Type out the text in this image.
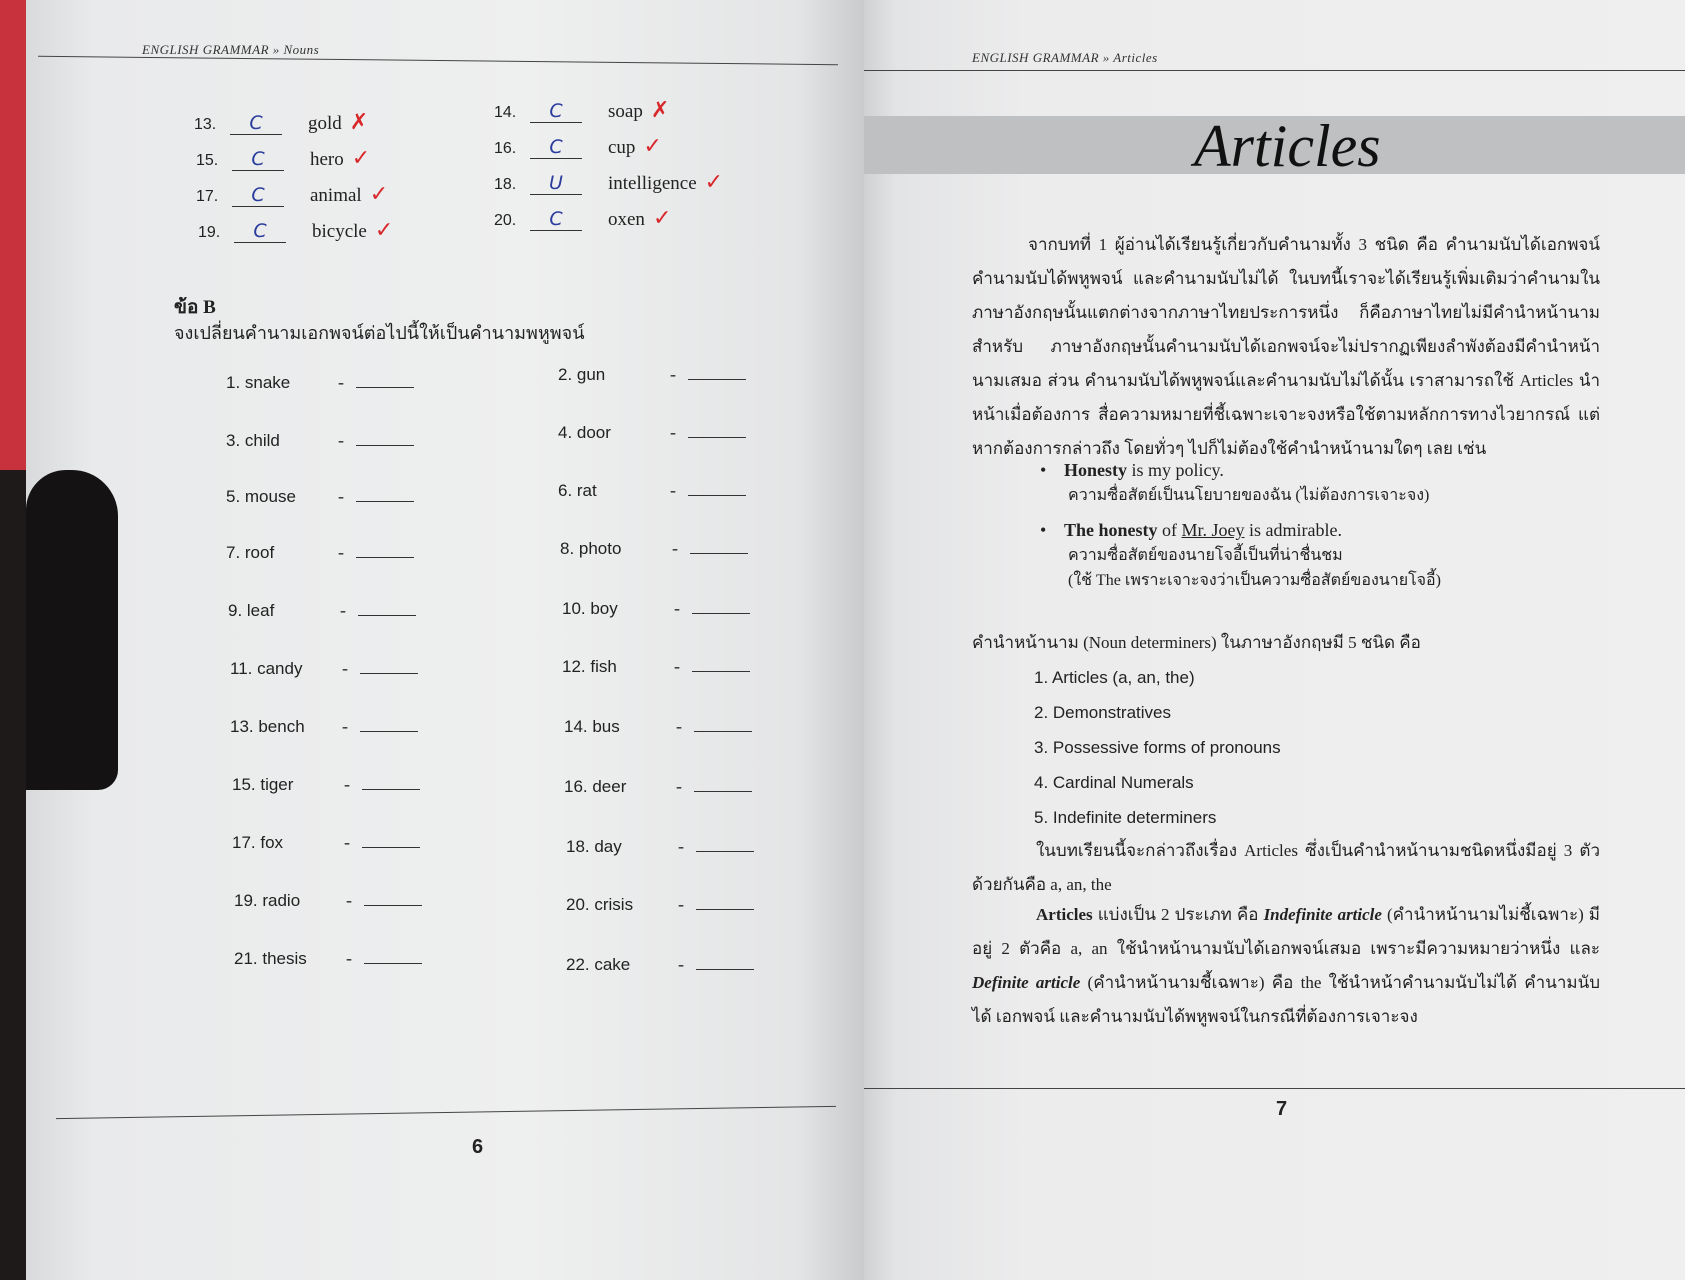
ENGLISH GRAMMAR » Nouns
13.	C	gold ✗	14.	C	soap ✗
15.	C	hero ✓	16.	C	cup ✓
17.	C	animal ✓	18.	U	intelligence ✓
19.	C	bicycle ✓	20.	C	oxen ✓
ข้อ B
จงเปลี่ยนคำนามเอกพจน์ต่อไปนี้ให้เป็นคำนามพหูพจน์
1. snake	-	2. gun	-
3. child	-	4. door	-
5. mouse	-	6. rat	-
7. roof	-	8. photo	-
9. leaf	-	10. boy	-
11. candy	-	12. fish	-
13. bench	-	14. bus	-
15. tiger	-	16. deer	-
17. fox	-	18. day	-
19. radio	-	20. crisis	-
21. thesis	-	22. cake	-
6
ENGLISH GRAMMAR » Articles
Articles
จากบทที่ 1 ผู้อ่านได้เรียนรู้เกี่ยวกับคำนามทั้ง 3 ชนิด คือ คำนามนับได้เอกพจน์ คำนามนับได้พหูพจน์ และคำนามนับไม่ได้ ในบทนี้เราจะได้เรียนรู้เพิ่มเติมว่าคำนามใน ภาษาอังกฤษนั้นแตกต่างจากภาษาไทยประการหนึ่ง ก็คือภาษาไทยไม่มีคำนำหน้านาม สำหรับ ภาษาอังกฤษนั้นคำนามนับได้เอกพจน์จะไม่ปรากฏเพียงลำพังต้องมีคำนำหน้านามเสมอ ส่วน คำนามนับได้พหูพจน์และคำนามนับไม่ได้นั้น เราสามารถใช้ Articles นำหน้าเมื่อต้องการ สื่อความหมายที่ชี้เฉพาะเจาะจงหรือใช้ตามหลักการทางไวยากรณ์ แต่หากต้องการกล่าวถึง โดยทั่วๆ ไปก็ไม่ต้องใช้คำนำหน้านามใดๆ เลย เช่น
• Honesty is my policy.
ความซื่อสัตย์เป็นนโยบายของฉัน (ไม่ต้องการเจาะจง)
• The honesty of Mr. Joey is admirable.
ความซื่อสัตย์ของนายโจอี้เป็นที่น่าชื่นชม
(ใช้ The เพราะเจาะจงว่าเป็นความซื่อสัตย์ของนายโจอี้)
คำนำหน้านาม (Noun determiners) ในภาษาอังกฤษมี 5 ชนิด คือ
1. Articles (a, an, the)
2. Demonstratives
3. Possessive forms of pronouns
4. Cardinal Numerals
5. Indefinite determiners
ในบทเรียนนี้จะกล่าวถึงเรื่อง Articles ซึ่งเป็นคำนำหน้านามชนิดหนึ่งมีอยู่ 3 ตัว ด้วยกันคือ a, an, the
Articles แบ่งเป็น 2 ประเภท คือ Indefinite article (คำนำหน้านามไม่ชี้เฉพาะ) มีอยู่ 2 ตัวคือ a, an ใช้นำหน้านามนับได้เอกพจน์เสมอ เพราะมีความหมายว่าหนึ่ง และ Definite article (คำนำหน้านามชี้เฉพาะ) คือ the ใช้นำหน้าคำนามนับไม่ได้ คำนามนับได้ เอกพจน์ และคำนามนับได้พหูพจน์ในกรณีที่ต้องการเจาะจง
7
